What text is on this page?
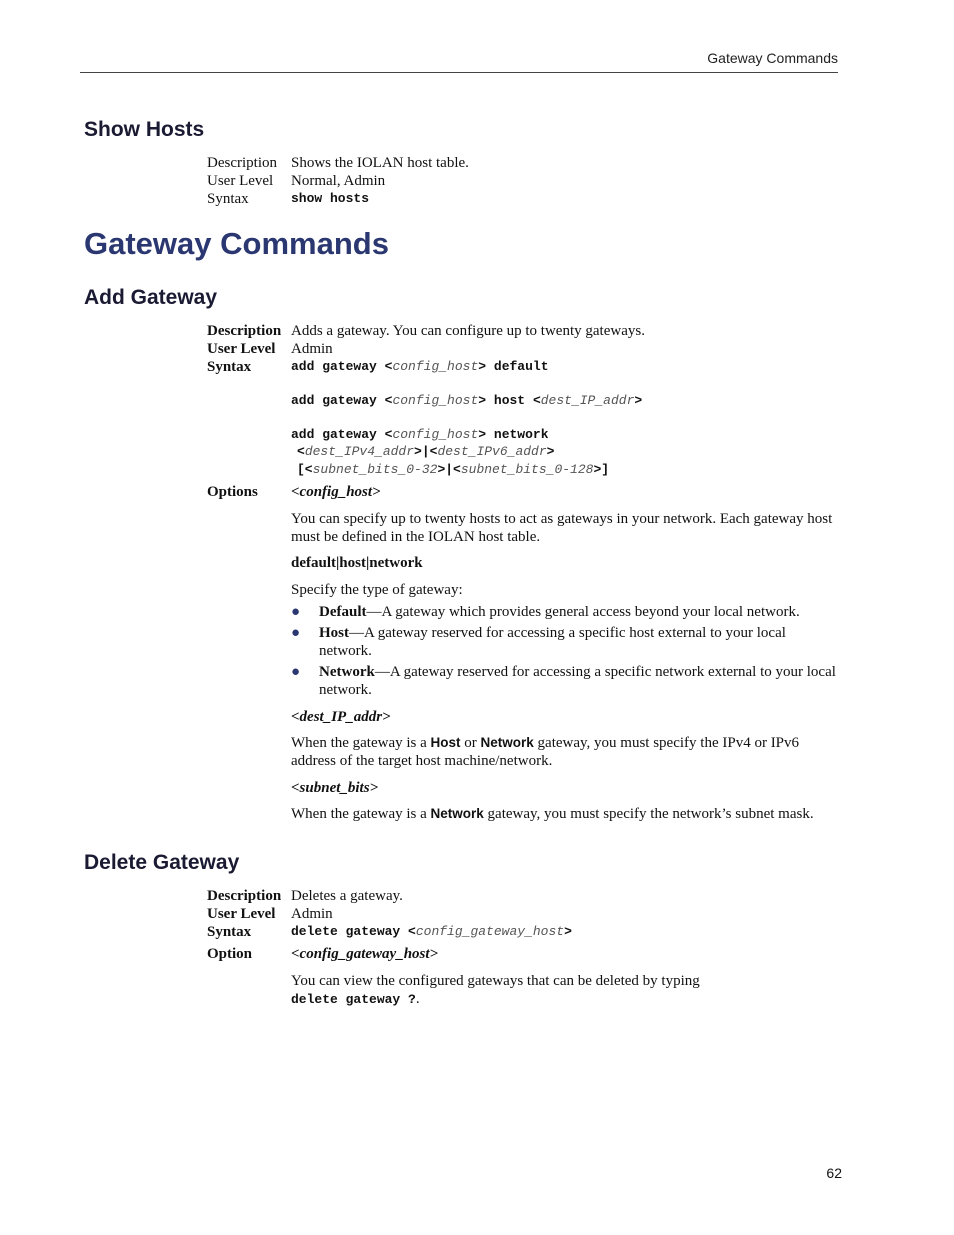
Gateway Commands
Show Hosts
Description Shows the IOLAN host table.
User Level Normal, Admin
Syntax	show hosts
Gateway Commands
Add Gateway
Description Adds a gateway. You can configure up to twenty gateways.
User Level Admin
Syntax	add gateway <config_host> default
add gateway <config_host> host <dest_IP_addr>
add gateway <config_host> network
<dest_IPv4_addr>|<dest_IPv6_addr>
[<subnet_bits_0-32>|<subnet_bits_0-128>]
Options <config_host>
You can specify up to twenty hosts to act as gateways in your network. Each gateway host must be defined in the IOLAN host table.
default|host|network
Specify the type of gateway:
● Default—A gateway which provides general access beyond your local network.
● Host—A gateway reserved for accessing a specific host external to your local network.
● Network—A gateway reserved for accessing a specific network external to your local network.
<dest_IP_addr>
When the gateway is a Host or Network gateway, you must specify the IPv4 or IPv6 address of the target host machine/network.
<subnet_bits>
When the gateway is a Network gateway, you must specify the network’s subnet mask.
Delete Gateway
Description Deletes a gateway.
User Level Admin
Syntax	delete gateway <config_gateway_host>
Option	<config_gateway_host>
You can view the configured gateways that can be deleted by typing
delete gateway ?.
62
